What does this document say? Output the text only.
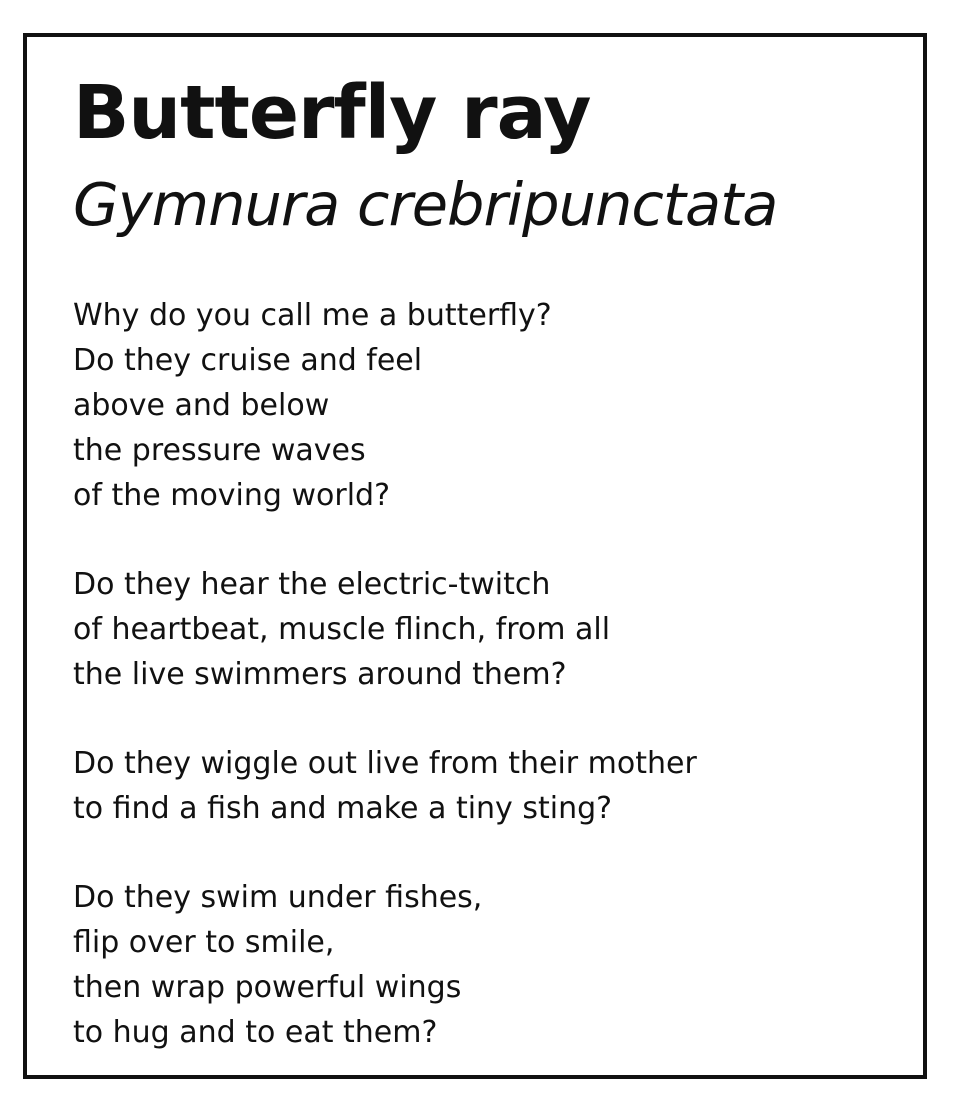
Butterfly ray
Gymnura crebripunctata
Why do you call me a butterfly?
Do they cruise and feel
above and below
the pressure waves
of the moving world?
Do they hear the electric-twitch
of heartbeat, muscle flinch, from all
the live swimmers around them?
Do they wiggle out live from their mother
to find a fish and make a tiny sting?
Do they swim under fishes,
flip over to smile,
then wrap powerful wings
to hug and to eat them?
